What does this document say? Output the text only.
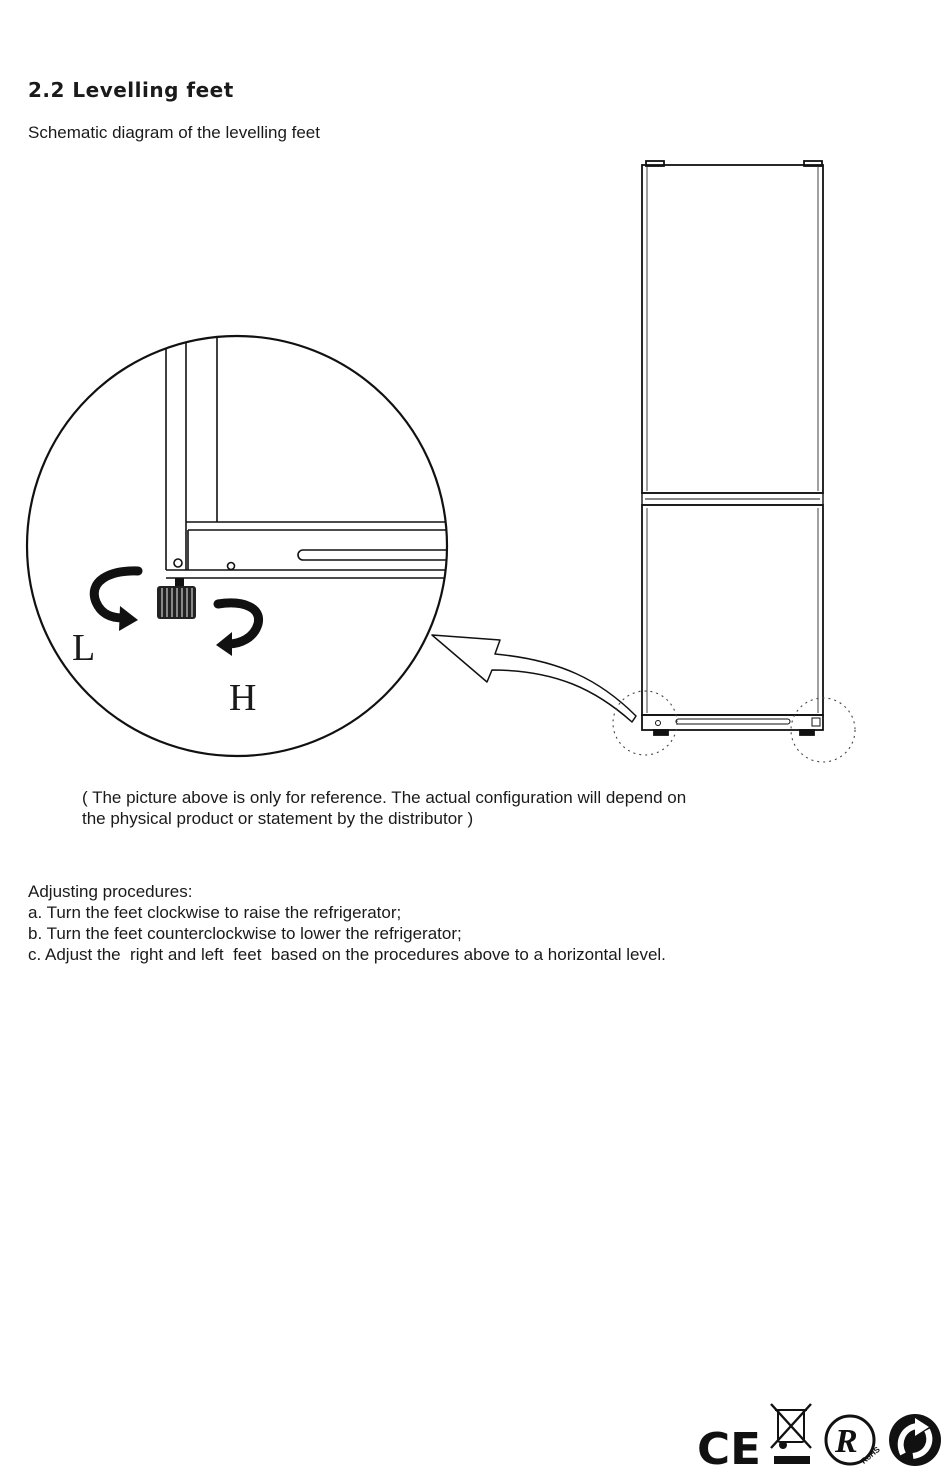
2.2 Levelling feet

Schematic diagram of the levelling feet

L
H

( The picture above is only for reference. The actual configuration will depend on
the physical product or statement by the distributor )

Adjusting procedures:
a. Turn the feet clockwise to raise the refrigerator;
b. Turn the feet counterclockwise to lower the refrigerator;
c. Adjust the  right and left  feet  based on the procedures above to a horizontal level.

CE R RoHS
